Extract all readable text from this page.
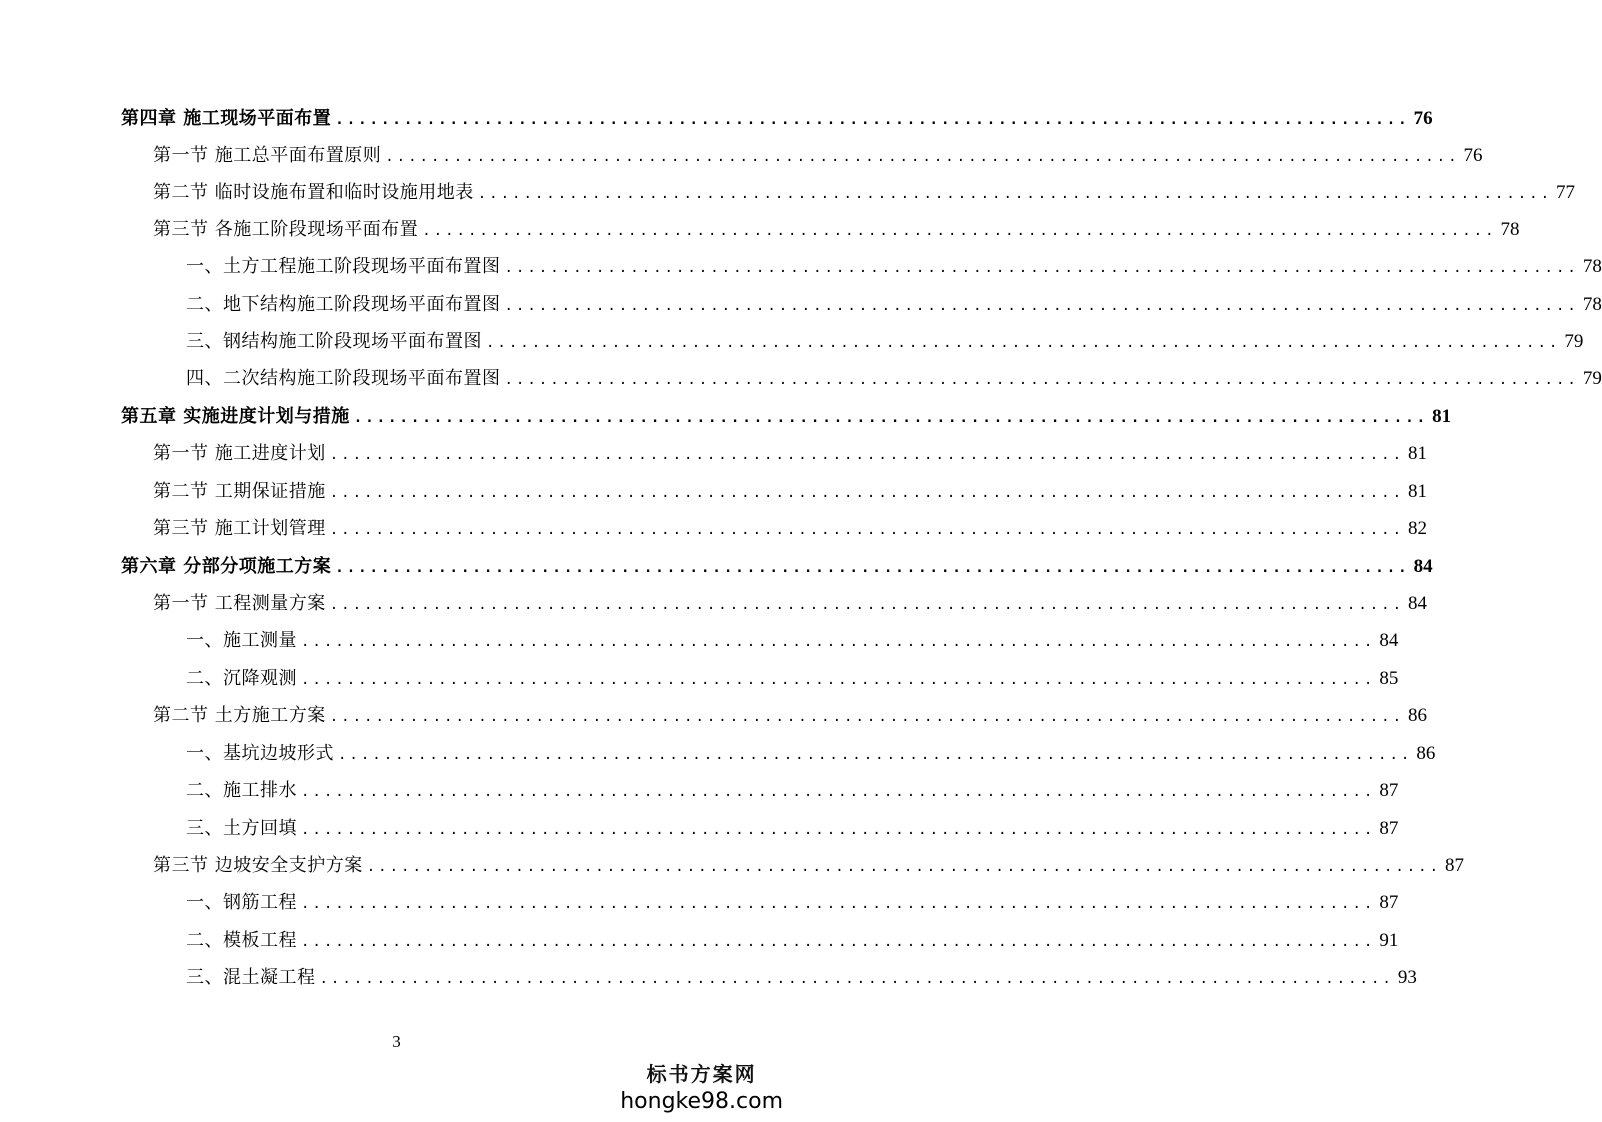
第四章 施工现场平面布置 .............................................................................................. 76
第一节 施工总平面布置原则 .............................................................................................. 76
第二节 临时设施布置和临时设施用地表 .............................................................................................. 77
第三节 各施工阶段现场平面布置 .............................................................................................. 78
一、土方工程施工阶段现场平面布置图 .............................................................................................. 78
二、地下结构施工阶段现场平面布置图 .............................................................................................. 78
三、钢结构施工阶段现场平面布置图 .............................................................................................. 79
四、二次结构施工阶段现场平面布置图 .............................................................................................. 79
第五章 实施进度计划与措施 .............................................................................................. 81
第一节 施工进度计划 .............................................................................................. 81
第二节 工期保证措施 .............................................................................................. 81
第三节 施工计划管理 .............................................................................................. 82
第六章 分部分项施工方案 .............................................................................................. 84
第一节 工程测量方案 .............................................................................................. 84
一、施工测量 .............................................................................................. 84
二、沉降观测 .............................................................................................. 85
第二节 土方施工方案 .............................................................................................. 86
一、基坑边坡形式 .............................................................................................. 86
二、施工排水 .............................................................................................. 87
三、土方回填 .............................................................................................. 87
第三节 边坡安全支护方案 .............................................................................................. 87
一、钢筋工程 .............................................................................................. 87
二、模板工程 .............................................................................................. 91
三、混土凝工程 .............................................................................................. 93
3
标书方案网
hongke98.com
